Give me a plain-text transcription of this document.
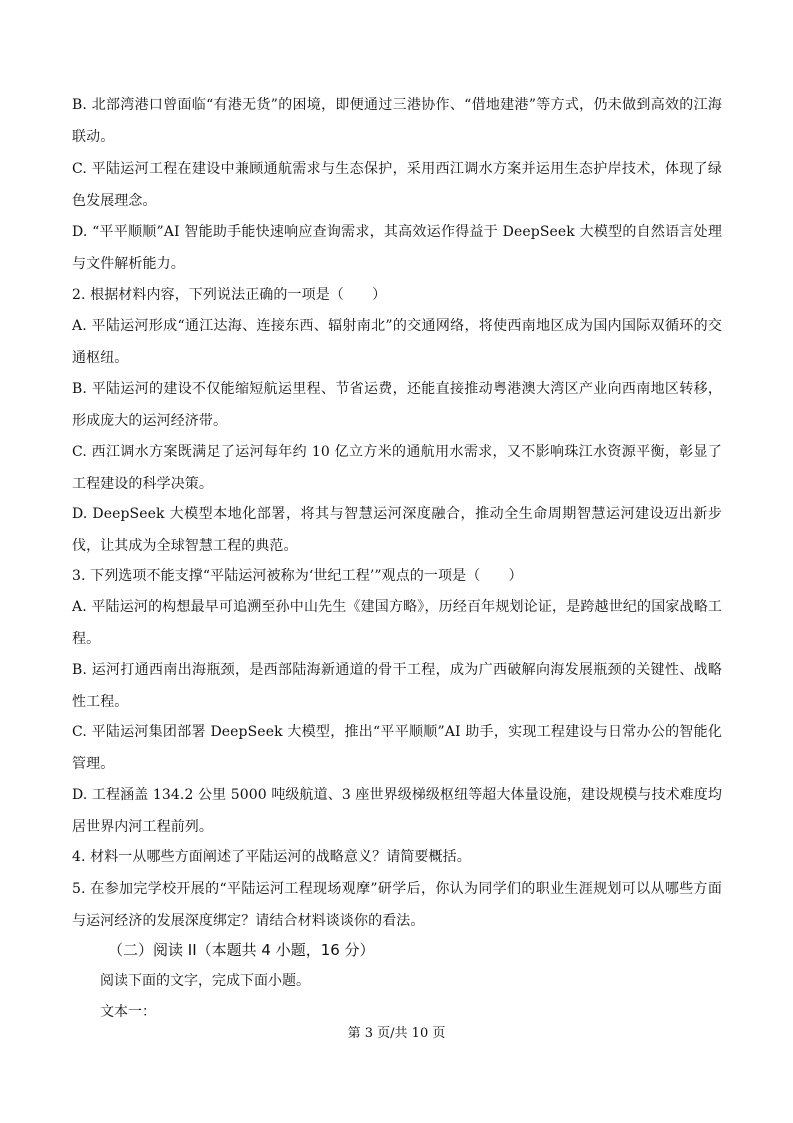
B. 北部湾港口曾面临“有港无货”的困境，即便通过三港协作、“借地建港”等方式，仍未做到高效的江海联动。
C. 平陆运河工程在建设中兼顾通航需求与生态保护，采用西江调水方案并运用生态护岸技术，体现了绿色发展理念。
D. “平平顺顺”AI 智能助手能快速响应查询需求，其高效运作得益于 DeepSeek 大模型的自然语言处理与文件解析能力。
2. 根据材料内容，下列说法正确的一项是（　　）
A. 平陆运河形成“通江达海、连接东西、辐射南北”的交通网络，将使西南地区成为国内国际双循环的交通枢纽。
B. 平陆运河的建设不仅能缩短航运里程、节省运费，还能直接推动粤港澳大湾区产业向西南地区转移，形成庞大的运河经济带。
C. 西江调水方案既满足了运河每年约 10 亿立方米的通航用水需求，又不影响珠江水资源平衡，彰显了工程建设的科学决策。
D. DeepSeek 大模型本地化部署，将其与智慧运河深度融合，推动全生命周期智慧运河建设迈出新步伐，让其成为全球智慧工程的典范。
3. 下列选项不能支撑“平陆运河被称为‘世纪工程’”观点的一项是（　　）
A. 平陆运河的构想最早可追溯至孙中山先生《建国方略》，历经百年规划论证，是跨越世纪的国家战略工程。
B. 运河打通西南出海瓶颈，是西部陆海新通道的骨干工程，成为广西破解向海发展瓶颈的关键性、战略性工程。
C. 平陆运河集团部署 DeepSeek 大模型，推出“平平顺顺”AI 助手，实现工程建设与日常办公的智能化管理。
D. 工程涵盖 134.2 公里 5000 吨级航道、3 座世界级梯级枢纽等超大体量设施，建设规模与技术难度均居世界内河工程前列。
4. 材料一从哪些方面阐述了平陆运河的战略意义？请简要概括。
5. 在参加完学校开展的“平陆运河工程现场观摩”研学后，你认为同学们的职业生涯规划可以从哪些方面与运河经济的发展深度绑定？请结合材料谈谈你的看法。
（二）阅读 II（本题共 4 小题，16 分）
阅读下面的文字，完成下面小题。
文本一：
第 3 页/共 10 页
